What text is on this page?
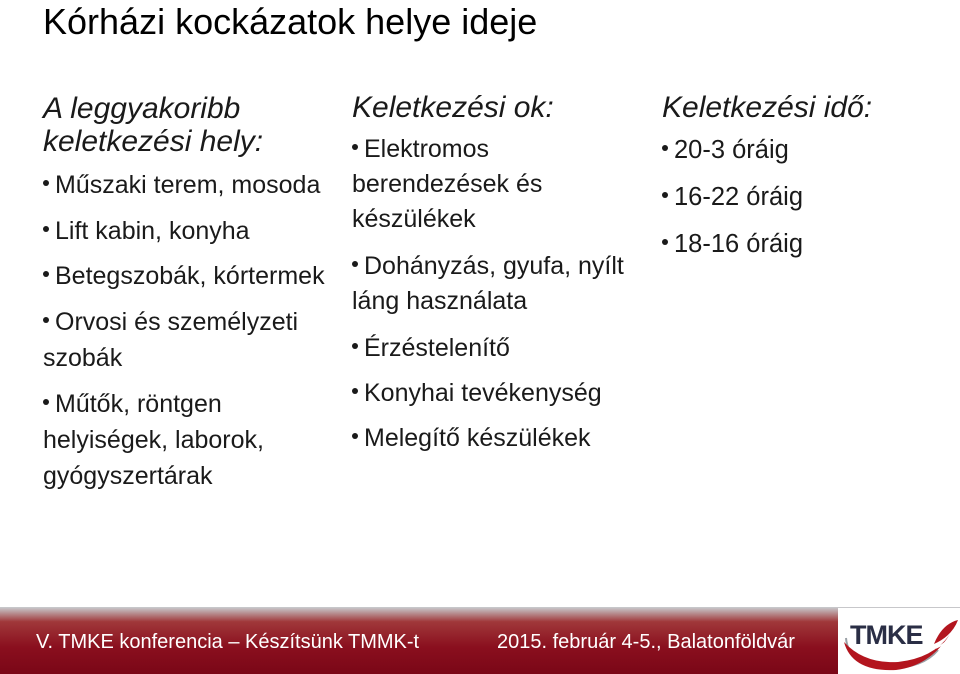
Kórházi kockázatok helye ideje
A leggyakoribb keletkezési hely:
Műszaki terem, mosoda
Lift kabin, konyha
Betegszobák, kórtermek
Orvosi és személyzeti szobák
Műtők, röntgen helyiségek, laborok, gyógyszertárak
Keletkezési ok:
Elektromos berendezések és készülékek
Dohányzás, gyufa, nyílt láng használata
Érzéstelenítő
Konyhai tevékenység
Melegítő készülékek
Keletkezési idő:
20-3 óráig
16-22 óráig
18-16 óráig
V. TMKE konferencia – Készítsünk TMMK-t	2015. február 4-5., Balatonföldvár TMKE
